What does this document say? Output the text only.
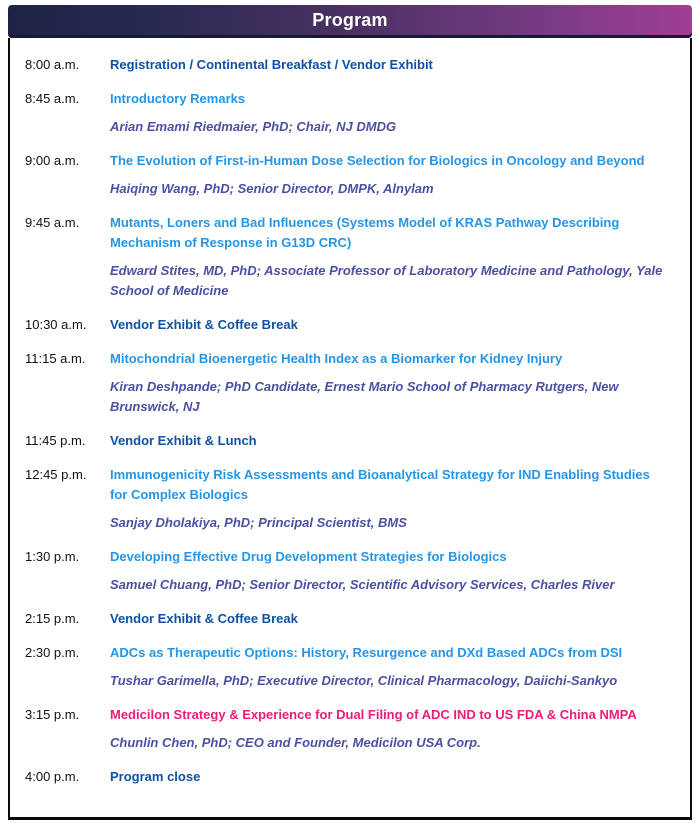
Program
8:00 a.m.	Registration / Continental Breakfast / Vendor Exhibit
8:45 a.m.	Introductory Remarks
Arian Emami Riedmaier, PhD; Chair, NJ DMDG
9:00 a.m.	The Evolution of First-in-Human Dose Selection for Biologics in Oncology and Beyond
Haiqing Wang, PhD; Senior Director, DMPK, Alnylam
9:45 a.m.	Mutants, Loners and Bad Influences (Systems Model of KRAS Pathway Describing Mechanism of Response in G13D CRC)
Edward Stites, MD, PhD; Associate Professor of Laboratory Medicine and Pathology, Yale School of Medicine
10:30 a.m.	Vendor Exhibit & Coffee Break
11:15 a.m.	Mitochondrial Bioenergetic Health Index as a Biomarker for Kidney Injury
Kiran Deshpande; PhD Candidate, Ernest Mario School of Pharmacy Rutgers, New Brunswick, NJ
11:45 p.m.	Vendor Exhibit & Lunch
12:45 p.m.	Immunogenicity Risk Assessments and Bioanalytical Strategy for IND Enabling Studies for Complex Biologics
Sanjay Dholakiya, PhD; Principal Scientist, BMS
1:30 p.m.	Developing Effective Drug Development Strategies for Biologics
Samuel Chuang, PhD; Senior Director, Scientific Advisory Services, Charles River
2:15 p.m.	Vendor Exhibit & Coffee Break
2:30 p.m.	ADCs as Therapeutic Options: History, Resurgence and DXd Based ADCs from DSI
Tushar Garimella, PhD; Executive Director, Clinical Pharmacology, Daiichi-Sankyo
3:15 p.m.	Medicilon Strategy & Experience for Dual Filing of ADC IND to US FDA & China NMPA
Chunlin Chen, PhD; CEO and Founder, Medicilon USA Corp.
4:00 p.m.	Program close
